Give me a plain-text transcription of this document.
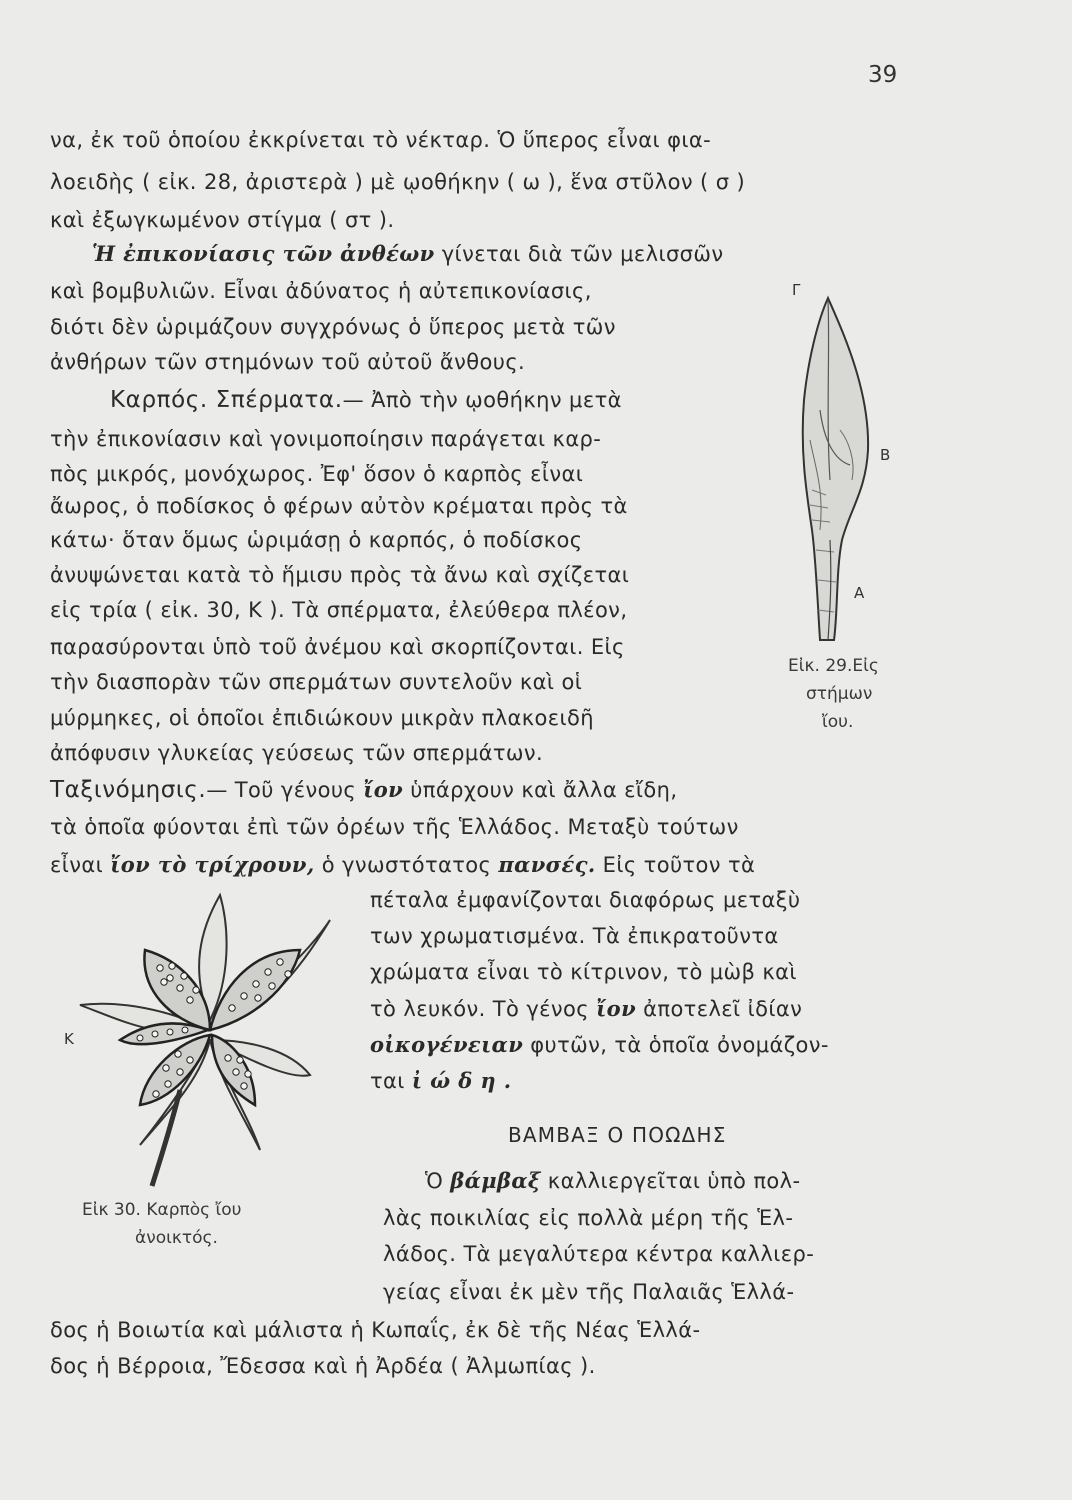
39
να, ἐκ τοῦ ὁποίου ἐκκρίνεται τὸ νέκταρ. Ὁ ὕπερος εἶναι φια-
λοειδὴς ( εἰκ. 28, ἀριστερὰ ) μὲ ῳοθήκην ( ω ), ἕνα στῦλον ( σ )
καὶ ἐξωγκωμένον στίγμα ( στ ).
Ἡ ἐπικονίασις τῶν ἀνθέων γίνεται διὰ τῶν μελισσῶν
καὶ βομβυλιῶν. Εἶναι ἀδύνατος ἡ αὐτεπικονίασις,
διότι δὲν ὡριμάζουν συγχρόνως ὁ ὕπερος μετὰ τῶν
ἀνθήρων τῶν στημόνων τοῦ αὐτοῦ ἄνθους.
Καρπός. Σπέρματα.— Ἀπὸ τὴν ῳοθήκην μετὰ
τὴν ἐπικονίασιν καὶ γονιμοποίησιν παράγεται καρ-
πὸς μικρός, μονόχωρος. Ἐφ' ὅσον ὁ καρπὸς εἶναι
ἄωρος, ὁ ποδίσκος ὁ φέρων αὐτὸν κρέμαται πρὸς τὰ
κάτω· ὅταν ὅμως ὡριμάσῃ ὁ καρπός, ὁ ποδίσκος
ἀνυψώνεται κατὰ τὸ ἥμισυ πρὸς τὰ ἄνω καὶ σχίζεται
εἰς τρία ( εἰκ. 30, Κ ). Τὰ σπέρματα, ἐλεύθερα πλέον,
παρασύρονται ὑπὸ τοῦ ἀνέμου καὶ σκορπίζονται. Εἰς
τὴν διασπορὰν τῶν σπερμάτων συντελοῦν καὶ οἱ
μύρμηκες, οἱ ὁποῖοι ἐπιδιώκουν μικρὰν πλακοειδῆ
ἀπόφυσιν γλυκείας γεύσεως τῶν σπερμάτων.
Ταξινόμησις.— Τοῦ γένους ἴον ὑπάρχουν καὶ ἄλλα εἴδη,
τὰ ὁποῖα φύονται ἐπὶ τῶν ὀρέων τῆς Ἑλλάδος. Μεταξὺ τούτων
εἶναι ἴον τὸ τρίχρουν, ὁ γνωστότατος πανσές. Εἰς τοῦτον τὰ
πέταλα ἐμφανίζονται διαφόρως μεταξὺ
των χρωματισμένα. Τὰ ἐπικρατοῦντα
χρώματα εἶναι τὸ κίτρινον, τὸ μὼβ καὶ
τὸ λευκόν. Τὸ γένος ἴον ἀποτελεῖ ἰδίαν
οἰκογένειαν φυτῶν, τὰ ὁποῖα ὀνομάζον-
ται ἰ ώ δ η .
ΒΑΜΒΑΞ Ο ΠΟΩΔΗΣ
Ὁ βάμβαξ καλλιεργεῖται ὑπὸ πολ-
λὰς ποικιλίας εἰς πολλὰ μέρη τῆς Ἑλ-
λάδος. Τὰ μεγαλύτερα κέντρα καλλιερ-
γείας εἶναι ἐκ μὲν τῆς Παλαιᾶς Ἑλλά-
δος ἡ Βοιωτία καὶ μάλιστα ἡ Κωπαΐς, ἐκ δὲ τῆς Νέας Ἑλλά-
δος ἡ Βέρροια, Ἔδεσσα καὶ ἡ Ἀρδέα ( Ἀλμωπίας ).
Γ
Β
Α
Εἰκ. 29.Εἰς
στήμων
ἴου.
Κ
Εἰκ 30. Καρπὸς ἴου
ἀνοικτός.
